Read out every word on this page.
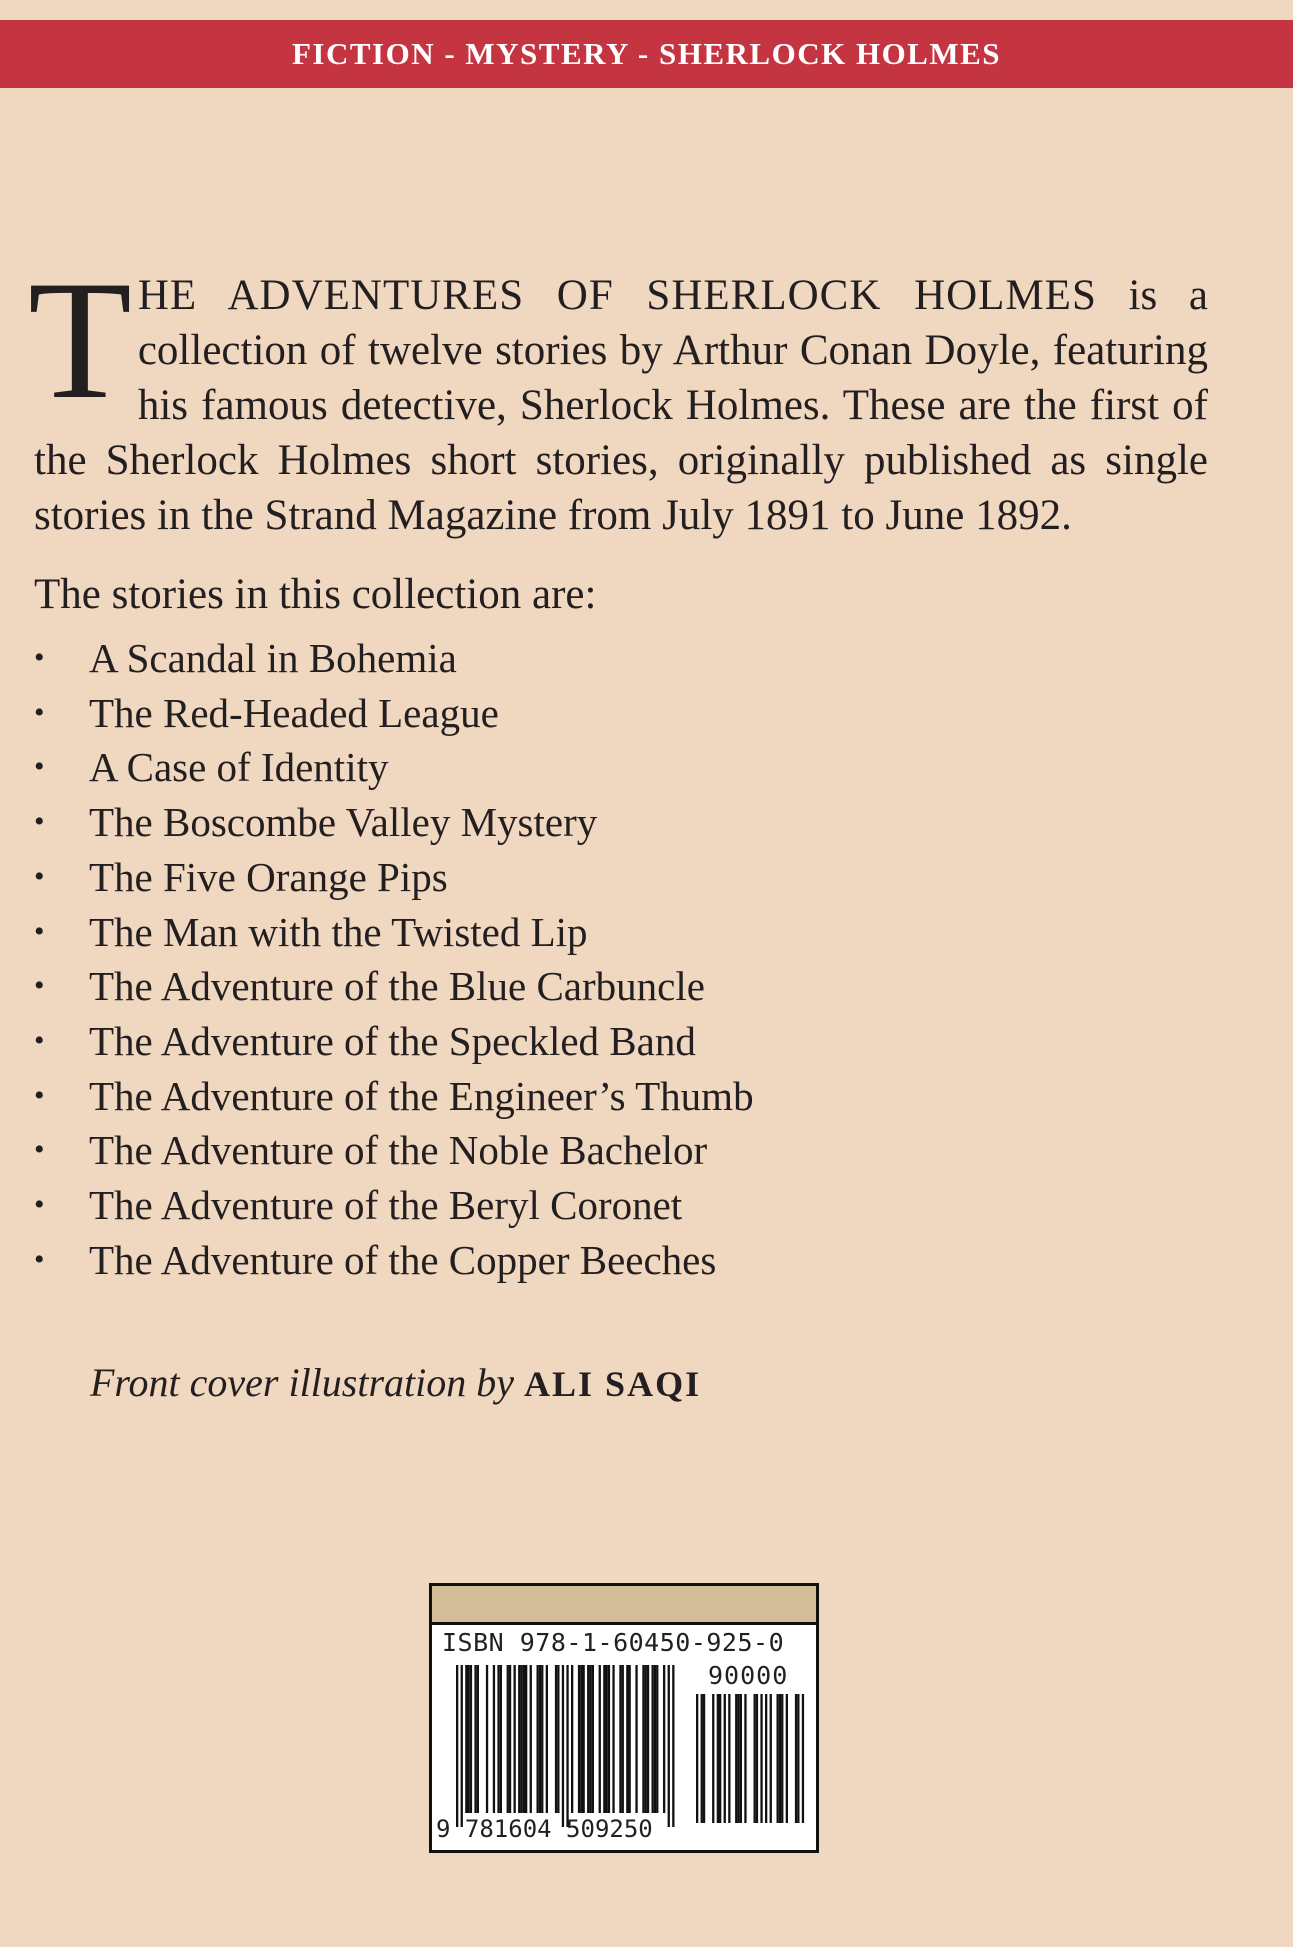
FICTION - MYSTERY - SHERLOCK HOLMES

THE ADVENTURES OF SHERLOCK HOLMES is a collection of twelve stories by Arthur Conan Doyle, featuring his famous detective, Sherlock Holmes. These are the first of the Sherlock Holmes short stories, originally published as single stories in the Strand Magazine from July 1891 to June 1892.

The stories in this collection are:

• A Scandal in Bohemia
• The Red-Headed League
• A Case of Identity
• The Boscombe Valley Mystery
• The Five Orange Pips
• The Man with the Twisted Lip
• The Adventure of the Blue Carbuncle
• The Adventure of the Speckled Band
• The Adventure of the Engineer’s Thumb
• The Adventure of the Noble Bachelor
• The Adventure of the Beryl Coronet
• The Adventure of the Copper Beeches

Front cover illustration by ALI SAQI

ISBN 978-1-60450-925-0
90000
9 781604 509250
